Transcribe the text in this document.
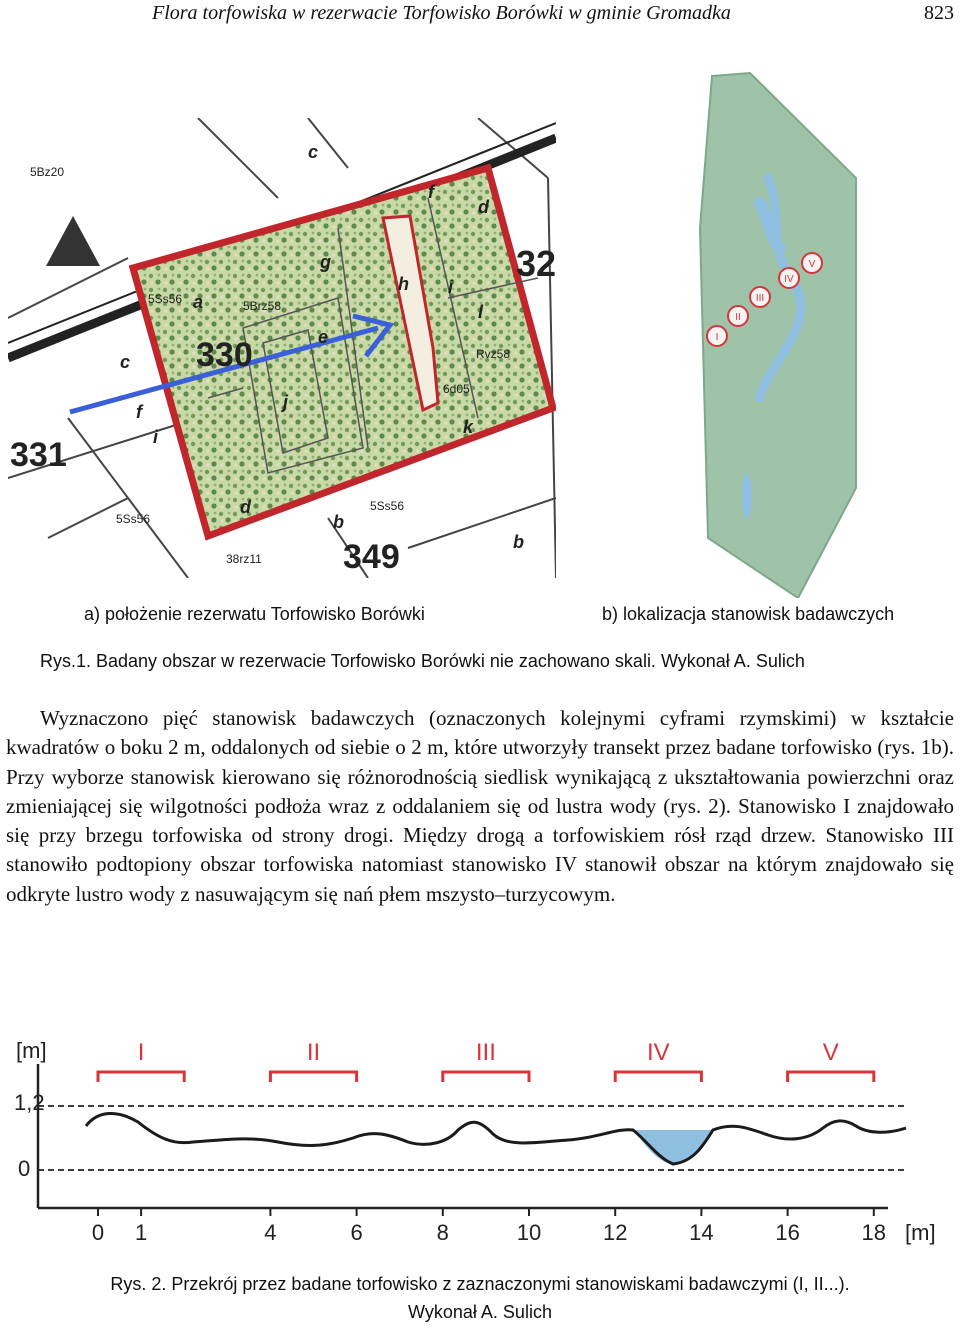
Flora torfowiska w rezerwacie Torfowisko Borówki w gminie Gromadka	823
330
331
32
349
5Bz20
5Ss56	5Brz58
5Ss56
5Ss56
38rz11
Rvz58
6d05
h
c
d
f
g
i
j
k
a
b
c
f
i
b
d
e
l
I
II
III
IV
V
a) położenie rezerwatu Torfowisko Borówki	b) lokalizacja stanowisk badawczych
Rys.1. Badany obszar w rezerwacie Torfowisko Borówki nie zachowano skali. Wykonał A. Sulich

Wyznaczono pięć stanowisk badawczych (oznaczonych kolejnymi cyframi rzymskimi) w kształcie kwadratów o boku 2 m, oddalonych od siebie o 2 m, które utworzyły transekt przez badane torfowisko (rys. 1b). Przy wyborze stanowisk kierowano się różnorodnością siedlisk wynikającą z ukształtowania powierzchni oraz zmieniającej się wilgotności podłoża wraz z oddalaniem się od lustra wody (rys. 2). Stanowisko I znajdowało się przy brzegu torfowiska od strony drogi. Między drogą a torfowiskiem rósł rząd drzew. Stanowisko III stanowiło podtopiony obszar torfowiska natomiast stanowisko IV stanowił obszar na którym znajdowało się odkryte lustro wody z nasuwającym się nań płem mszysto–turzycowym.

[m]
1,2
0
0 1	4	6	8	10	12	14	16	18 [m]
I	II	III	IV	V
Rys. 2. Przekrój przez badane torfowisko z zaznaczonymi stanowiskami badawczymi (I, II...).
Wykonał A. Sulich
